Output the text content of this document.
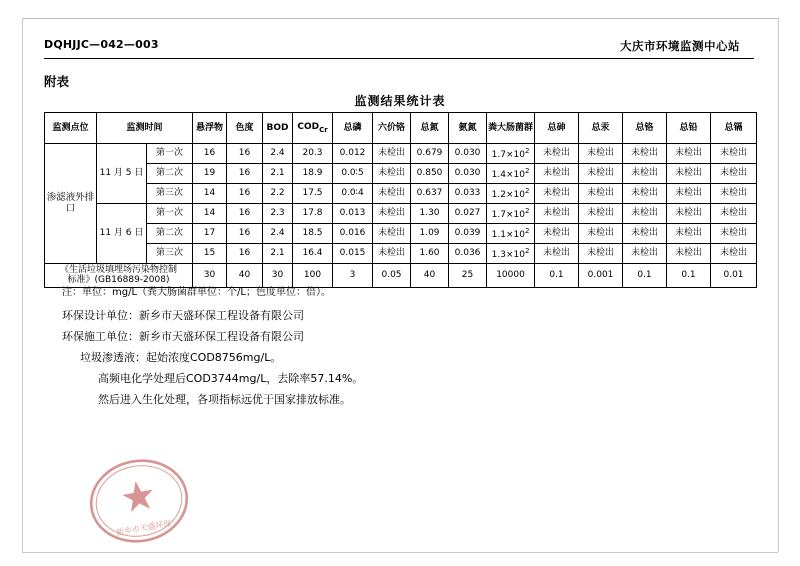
DQHJJC—042—003	大庆市环境监测中心站
附表
监测结果统计表
监测点位	监测时间		悬浮物	色度	BOD	$COD_{Cr}$	总磷	六价铬	总氮	氨氮	粪大肠菌群	总砷	总汞	总铬	总铅	总镉
渗滤液外排口	11 月 5 日	第一次	16	16	2.4	20.3	0.012	未检出	0.679	0.030	$1.7\times 10^2$	未检出	未检出	未检出	未检出	未检出
		第二次	19	16	2.1	18.9	0.0∶5	未检出	0.850	0.030	$1.4\times 10^2$	未检出	未检出	未检出	未检出	未检出
		第三次	14	16	2.2	17.5	0.0∶4	未检出	0.637	0.033	$1.2\times 10^2$	未检出	未检出	未检出	未检出	未检出
	11 月 6 日	第一次	14	16	2.3	17.8	0.013	未检出	1.30	0.027	$1.7\times 10^2$	未检出	未检出	未检出	未检出	未检出
		第二次	17	16	2.4	18.5	0.016	未检出	1.09	0.039	$1.1\times 10^2$	未检出	未检出	未检出	未检出	未检出
		第三次	15	16	2.1	16.4	0.015	未检出	1.60	0.036	$1.3\times 10^2$	未检出	未检出	未检出	未检出	未检出

《生活垃圾填埋场污染物控制
标准》(GB16889-2008)			30	40	30	100	3	0.05	40	25	10000	0.1	0.001	0.1	0.1	0.01
注：单位：mg/L（粪大肠菌群单位：个/L；色度单位：倍）。
环保设计单位：新乡市天盛环保工程设备有限公司
环保施工单位：新乡市天盛环保工程设备有限公司
垃圾渗透液：起始浓度COD8756mg/L。
高频电化学处理后COD3744mg/L，去除率57.14%。
然后进入生化处理，各项指标远优于国家排放标准。
新乡市天盛环保
